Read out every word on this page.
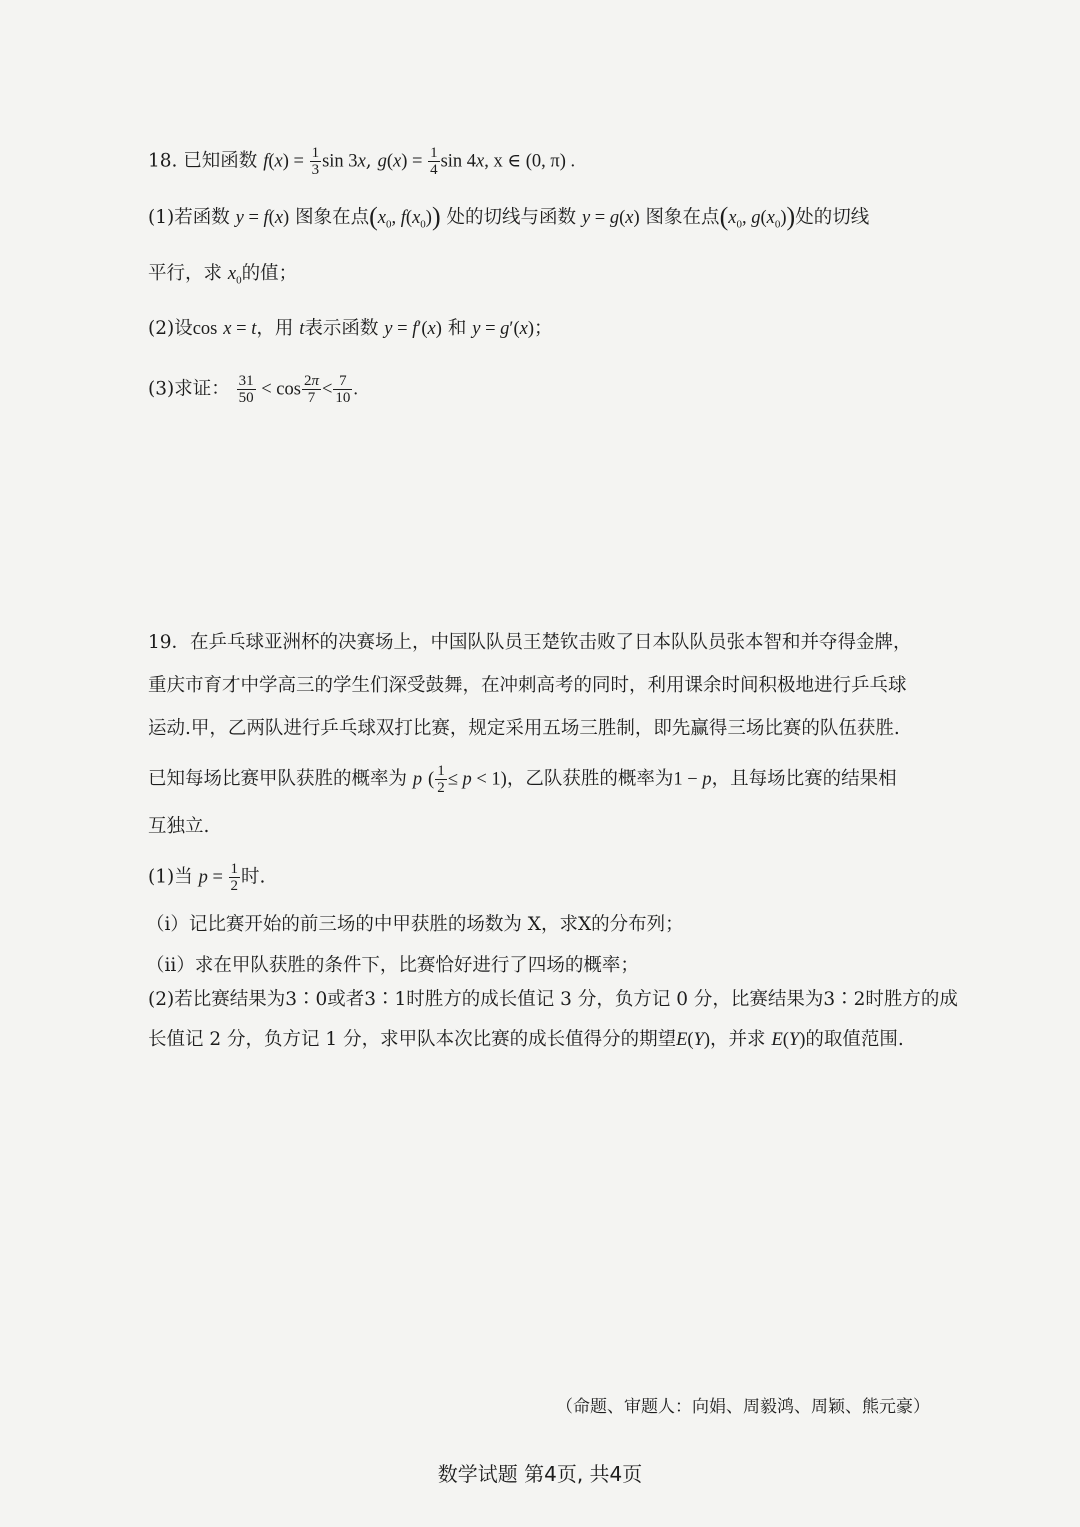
18. 已知函数 $f(x) = \frac{1}{3}$ sin 3x, $g(x) = \frac{1}{4}$ sin 4x, x ∈ (0, π) .
(1)若函数 y = f(x) 图象在点($x_0$, $f(x_0)$) 处的切线与函数 y = g(x) 图象在点($x_0$, $g(x_0)$)处的切线
平行，求 $x_0$的值；
(2)设cos x = t，用 t表示函数 y = f′(x) 和 y = g′(x)；
(3)求证： $\frac{31}{50} < \cos \frac{2\pi}{7} < \frac{7}{10}$ .
19．在乒乓球亚洲杯的决赛场上，中国队队员王楚钦击败了日本队队员张本智和并夺得金牌，
重庆市育才中学高三的学生们深受鼓舞，在冲刺高考的同时，利用课余时间积极地进行乒乓球
运动.甲，乙两队进行乒乓球双打比赛，规定采用五场三胜制，即先赢得三场比赛的队伍获胜.
已知每场比赛甲队获胜的概率为 p ( $\frac{1}{2} \le p < 1$)，乙队获胜的概率为1 − p，且每场比赛的结果相
互独立.
(1)当 $p = \frac{1}{2}$ 时.
（i）记比赛开始的前三场的中甲获胜的场数为 X，求X的分布列；
（ii）求在甲队获胜的条件下，比赛恰好进行了四场的概率；
(2)若比赛结果为3∶0或者3∶1时胜方的成长值记 3 分，负方记 0 分，比赛结果为3∶2时胜方的成
长值记 2 分，负方记 1 分，求甲队本次比赛的成长值得分的期望E(Y)，并求 E(Y)的取值范围.
（命题、审题人：向娟、周毅鸿、周颖、熊元豪）
数学试题 第4页, 共4页
